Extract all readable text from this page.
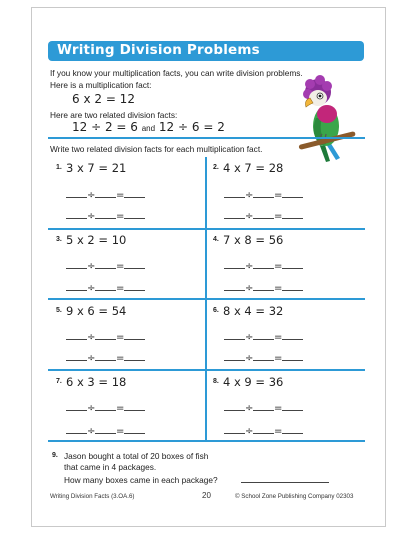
Writing Division Problems
If you know your multiplication facts, you can write division problems.
Here is a multiplication fact:
6 x 2 = 12
Here are two related division facts:
12 ÷ 2 = 6 and 12 ÷ 6 = 2
Write two related division facts for each multiplication fact.
1. 3 x 7 = 21
÷ =
÷ =
2. 4 x 7 = 28
÷ =
÷ =
3. 5 x 2 = 10
÷ =
÷ =
4. 7 x 8 = 56
÷ =
÷ =
5. 9 x 6 = 54
÷ =
÷ =
6. 8 x 4 = 32
÷ =
÷ =
7. 6 x 3 = 18
÷ =
÷ =
8. 4 x 9 = 36
÷ =
÷ =
9. Jason bought a total of 20 boxes of fish
that came in 4 packages.
How many boxes came in each package?
Writing Division Facts (3.OA.6)	20	© School Zone Publishing Company 02303
